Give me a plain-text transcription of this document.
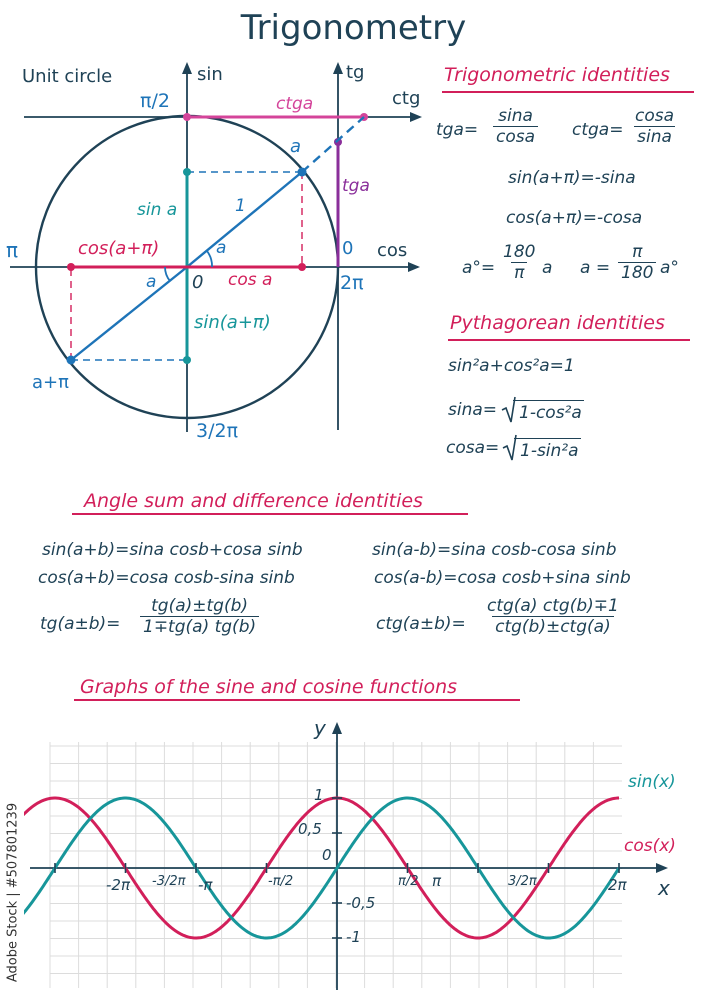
Trigonometry
Unit circle	sin	tg
ctg
cos
π/2
π
3/2π
2π
0
0
ctga
tga
a
a
a
1
sin a
cos a
cos(a+π)
sin(a+π)
a+π
Trigonometric identities
$tga= \frac{\sin a}{\cos a}$ ctga= $\frac{\cos a}{\sin a}$
sin(a+π)=-sina
cos(a+π)=-cosa
$a^\circ= \frac{180}{\pi}$ a $a = \frac{\pi}{180} a^\circ$
Pythagorean identities
sin²a+cos²a=1
sina=	1-cos²a
cosa=	1-sin²a
Angle sum and difference identities
sin(a+b)=sina cosb+cosa sinb
cos(a+b)=cosa cosb-sina sinb
sin(a-b)=sina cosb-cosa sinb
cos(a-b)=cosa cosb+sina sinb
$tg(a\pm b)= \frac{tg(a)\pm tg(b)}{1\mp tg(a) tg(b)}$	ctg(a±b)=
ctg(a) ctg(b)∓1
ctg(b)±ctg(a)
Graphs of the sine and cosine functions
y
x
sin(x)
cos(x)
-2π -3/2π -π	-π/2	π/2 π	3/2π	2π
1
0,5
0
-0,5
-1
Adobe Stock | #507801239
